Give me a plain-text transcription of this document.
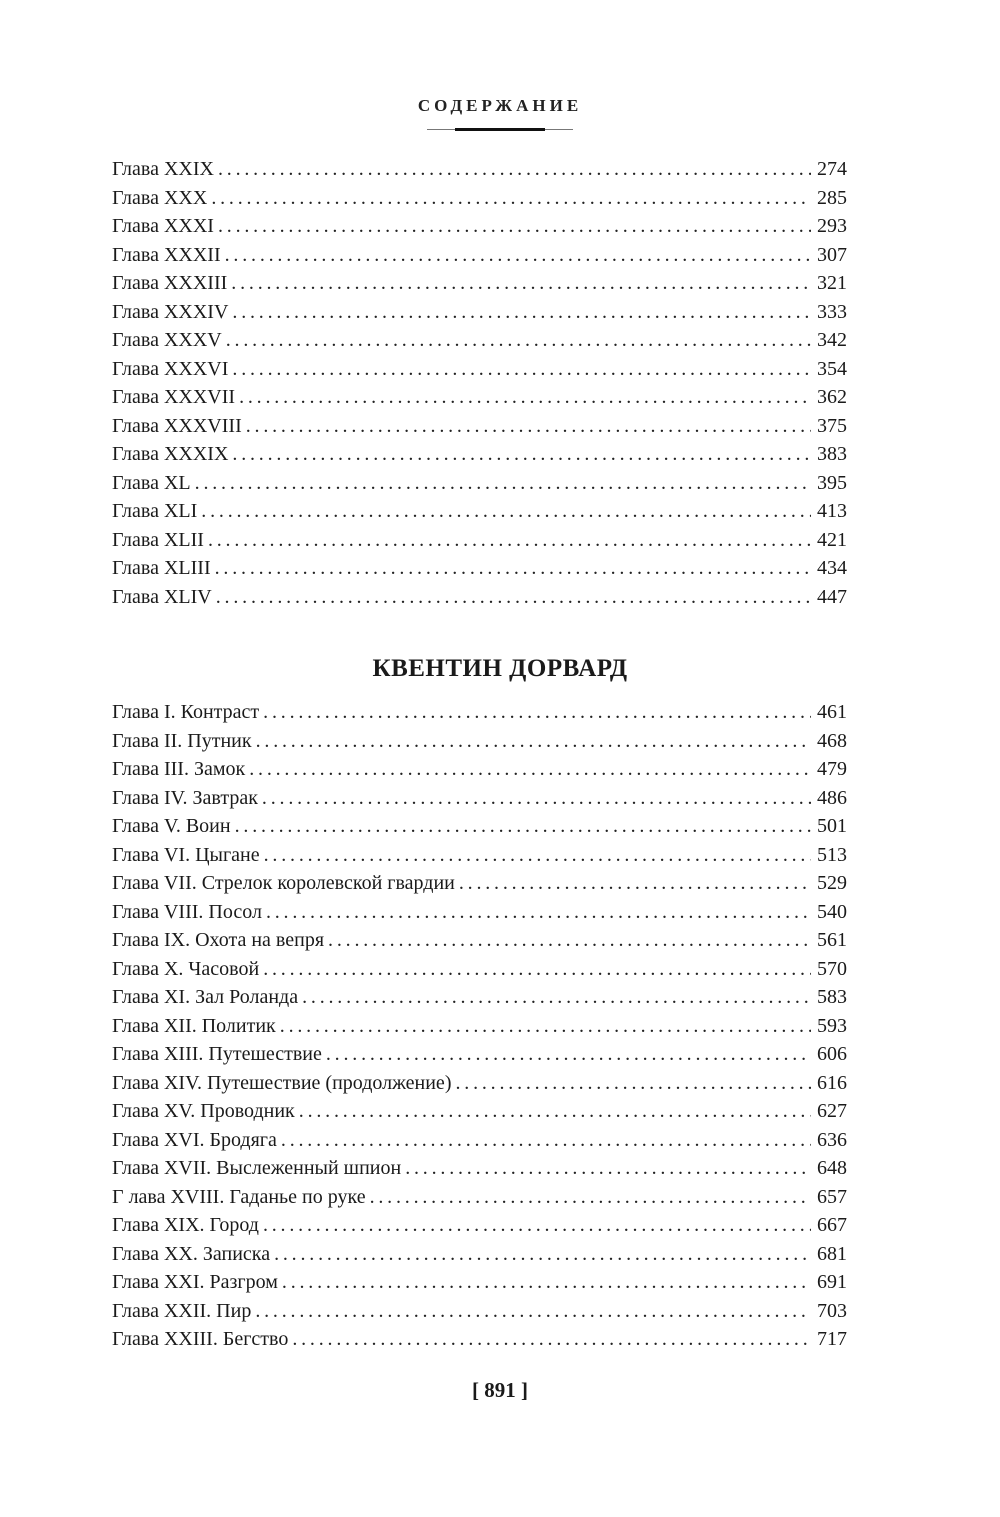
СОДЕРЖАНИЕ
Глава XXIX . . .	274
Глава XXX . . .	285
Глава XXXI . . .	293
Глава XXXII . . .	307
Глава XXXIII . . .	321
Глава XXXIV . . .	333
Глава XXXV . . .	342
Глава XXXVI . . .	354
Глава XXXVII . . .	362
Глава XXXVIII . . .	375
Глава XXXIX . . .	383
Глава XL . . .	395
Глава XLI . . .	413
Глава XLII . . .	421
Глава XLIII . . .	434
Глава XLIV . . .	447
КВЕНТИН ДОРВАРД
Глава I. Контраст . . .	461
Глава II. Путник . . .	468
Глава III. Замок . . .	479
Глава IV. Завтрак . . .	486
Глава V. Воин . . .	501
Глава VI. Цыгане . . .	513
Глава VII. Стрелок королевской гвардии . . .	529
Глава VIII. Посол . . .	540
Глава IX. Охота на вепря . . .	561
Глава X. Часовой . . .	570
Глава XI. Зал Роланда . . .	583
Глава XII. Политик . . .	593
Глава XIII. Путешествие . . .	606
Глава XIV. Путешествие (продолжение) . . .	616
Глава XV. Проводник . . .	627
Глава XVI. Бродяга . . .	636
Глава XVII. Выслеженный шпион . . .	648
Г лава XVIII. Гаданье по руке . . .	657
Глава XIX. Город . . .	667
Глава XX. Записка . . .	681
Глава XXI. Разгром . . .	691
Глава XXII. Пир . . .	703
Глава XXIII. Бегство . . .	717
[ 891 ]
